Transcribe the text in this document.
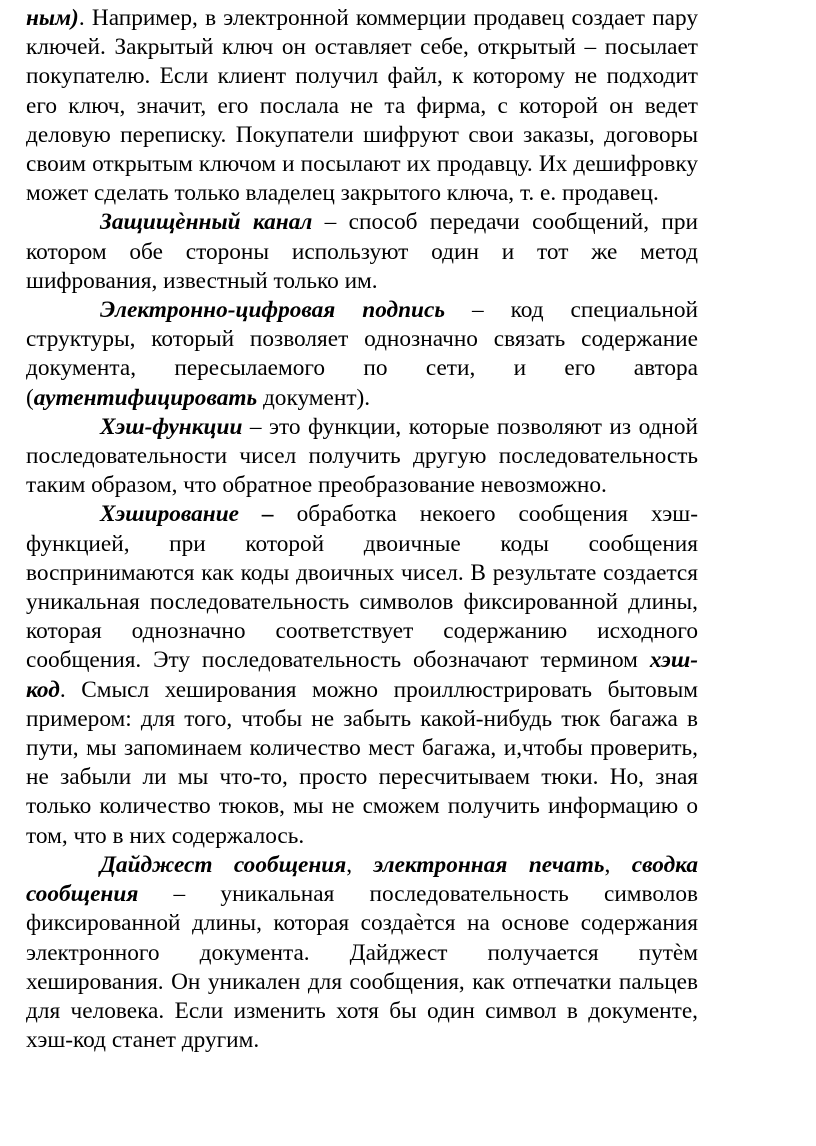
ным). Например, в электронной коммерции продавец создает пару ключей. Закрытый ключ он оставляет себе, открытый – посылает покупателю. Если клиент получил файл, к которому не подходит его ключ, значит, его послала не та фирма, с которой он ведет деловую переписку. Покупатели шифруют свои заказы, договоры своим открытым ключом и посылают их продавцу. Их дешифровку может сделать только владелец закрытого ключа, т. е. продавец.

Защищѐнный канал – способ передачи сообщений, при котором обе стороны используют один и тот же метод шифрования, известный только им.

Электронно-цифровая подпись – код специальной структуры, который позволяет однозначно связать содержание документа, пересылаемого по сети, и его автора (аутентифицировать документ).

Хэш-функции – это функции, которые позволяют из одной последовательности чисел получить другую последовательность таким образом, что обратное преобразование невозможно.

Хэширование – обработка некоего сообщения хэш-функцией, при которой двоичные коды сообщения воспринимаются как коды двоичных чисел. В результате создается уникальная последовательность символов фиксированной длины, которая однозначно соответствует содержанию исходного сообщения. Эту последовательность обозначают термином хэш-код. Смысл хеширования можно проиллюстрировать бытовым примером: для того, чтобы не забыть какой-нибудь тюк багажа в пути, мы запоминаем количество мест багажа, и,чтобы проверить, не забыли ли мы что-то, просто пересчитываем тюки. Но, зная только количество тюков, мы не сможем получить информацию о том, что в них содержалось.

Дайджест сообщения, электронная печать, сводка сообщения – уникальная последовательность символов фиксированной длины, которая создаѐтся на основе содержания электронного документа. Дайджест получается путѐм хеширования. Он уникален для сообщения, как отпечатки пальцев для человека. Если изменить хотя бы один символ в документе, хэш-код станет другим.
